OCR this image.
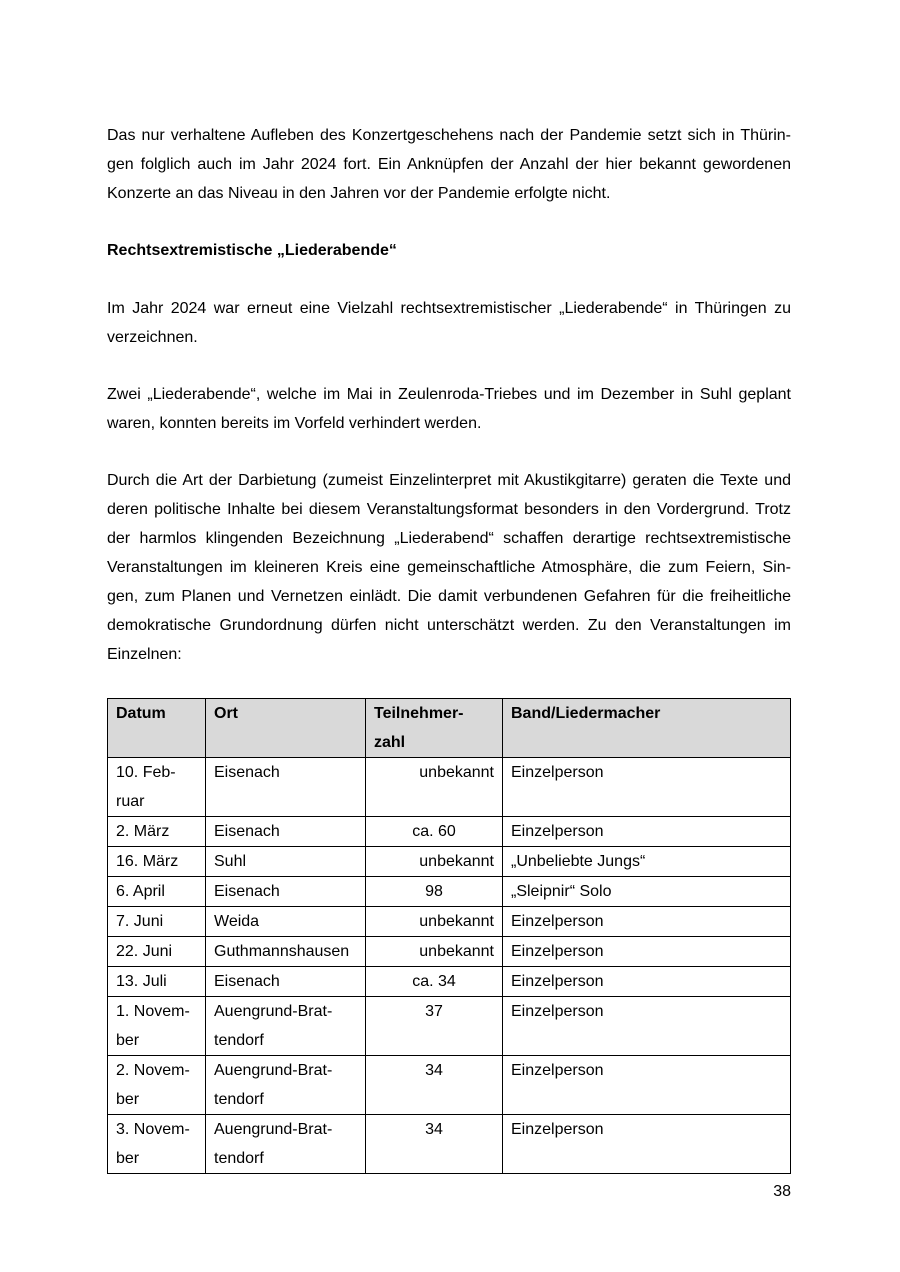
Das nur verhaltene Aufleben des Konzertgeschehens nach der Pandemie setzt sich in Thürin-gen folglich auch im Jahr 2024 fort. Ein Anknüpfen der Anzahl der hier bekannt gewordenen Konzerte an das Niveau in den Jahren vor der Pandemie erfolgte nicht.

Rechtsextremistische „Liederabende“

Im Jahr 2024 war erneut eine Vielzahl rechtsextremistischer „Liederabende“ in Thüringen zu verzeichnen.

Zwei „Liederabende“, welche im Mai in Zeulenroda-Triebes und im Dezember in Suhl geplant waren, konnten bereits im Vorfeld verhindert werden.

Durch die Art der Darbietung (zumeist Einzelinterpret mit Akustikgitarre) geraten die Texte und deren politische Inhalte bei diesem Veranstaltungsformat besonders in den Vordergrund. Trotz der harmlos klingenden Bezeichnung „Liederabend“ schaffen derartige rechtsextremistische Veranstaltungen im kleineren Kreis eine gemeinschaftliche Atmosphäre, die zum Feiern, Sin-gen, zum Planen und Vernetzen einlädt. Die damit verbundenen Gefahren für die freiheitliche demokratische Grundordnung dürfen nicht unterschätzt werden. Zu den Veranstaltungen im Einzelnen:

Datum	Ort	Teilnehmer-zahl	Band/Liedermacher
10. Feb-ruar	Eisenach	unbekannt	Einzelperson
2. März	Eisenach	ca. 60	Einzelperson
16. März	Suhl	unbekannt	„Unbeliebte Jungs“
6. April	Eisenach	98	„Sleipnir“ Solo
7. Juni	Weida	unbekannt	Einzelperson
22. Juni	Guthmannshausen	unbekannt	Einzelperson
13. Juli	Eisenach	ca. 34	Einzelperson
1. Novem-ber	Auengrund-Brat-tendorf	37	Einzelperson
2. Novem-ber	Auengrund-Brat-tendorf	34	Einzelperson
3. Novem-ber	Auengrund-Brat-tendorf	34	Einzelperson
38
